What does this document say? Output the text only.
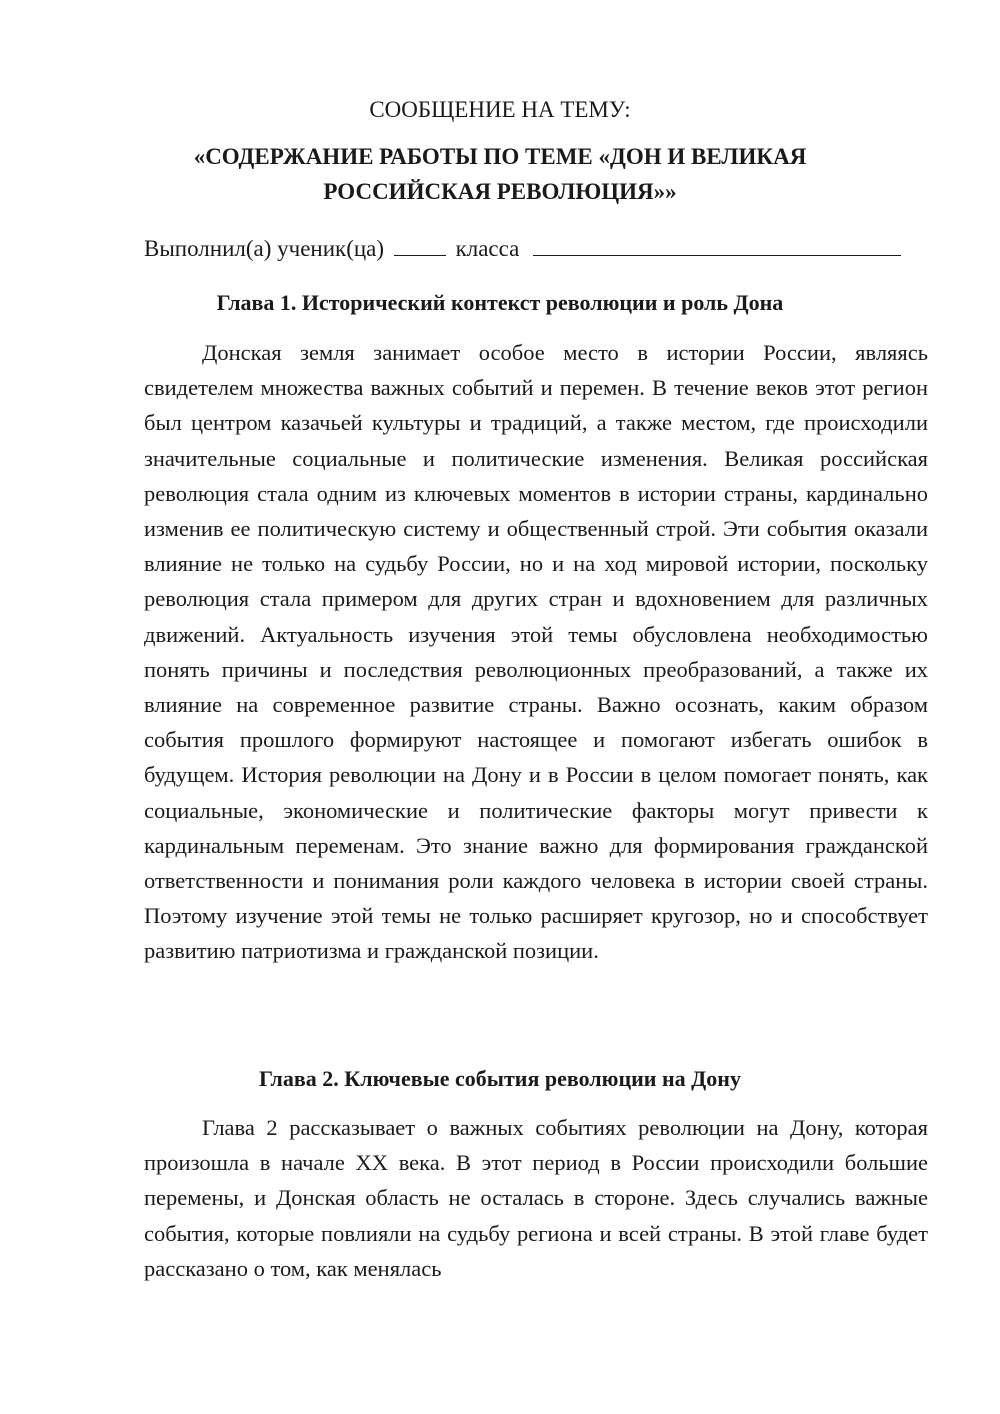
СООБЩЕНИЕ НА ТЕМУ:
«СОДЕРЖАНИЕ РАБОТЫ ПО ТЕМЕ «ДОН И ВЕЛИКАЯ
РОССИЙСКАЯ РЕВОЛЮЦИЯ»»
Выполнил(а) ученик(ца)	класса
Глава 1. Исторический контекст революции и роль Дона

Донская земля занимает особое место в истории России, являясь свидетелем множества важных событий и перемен. В течение веков этот регион был центром казачьей культуры и традиций, а также местом, где происходили значительные социальные и политические изменения. Великая российская революция стала одним из ключевых моментов в истории страны, кардинально изменив ее политическую систему и общественный строй. Эти события оказали влияние не только на судьбу России, но и на ход мировой истории, поскольку революция стала примером для других стран и вдохновением для различных движений. Актуальность изучения этой темы обусловлена необходимостью понять причины и последствия революционных преобразований, а также их влияние на современное развитие страны. Важно осознать, каким образом события прошлого формируют настоящее и помогают избегать ошибок в будущем. История революции на Дону и в России в целом помогает понять, как социальные, экономические и политические факторы могут привести к кардинальным переменам. Это знание важно для формирования гражданской ответственности и понимания роли каждого человека в истории своей страны. Поэтому изучение этой темы не только расширяет кругозор, но и способствует развитию патриотизма и гражданской позиции.

Глава 2. Ключевые события революции на Дону

Глава 2 рассказывает о важных событиях революции на Дону, которая произошла в начале XX века. В этот период в России происходили большие перемены, и Донская область не осталась в стороне. Здесь случались важные события, которые повлияли на судьбу региона и всей страны. В этой главе будет рассказано о том, как менялась
